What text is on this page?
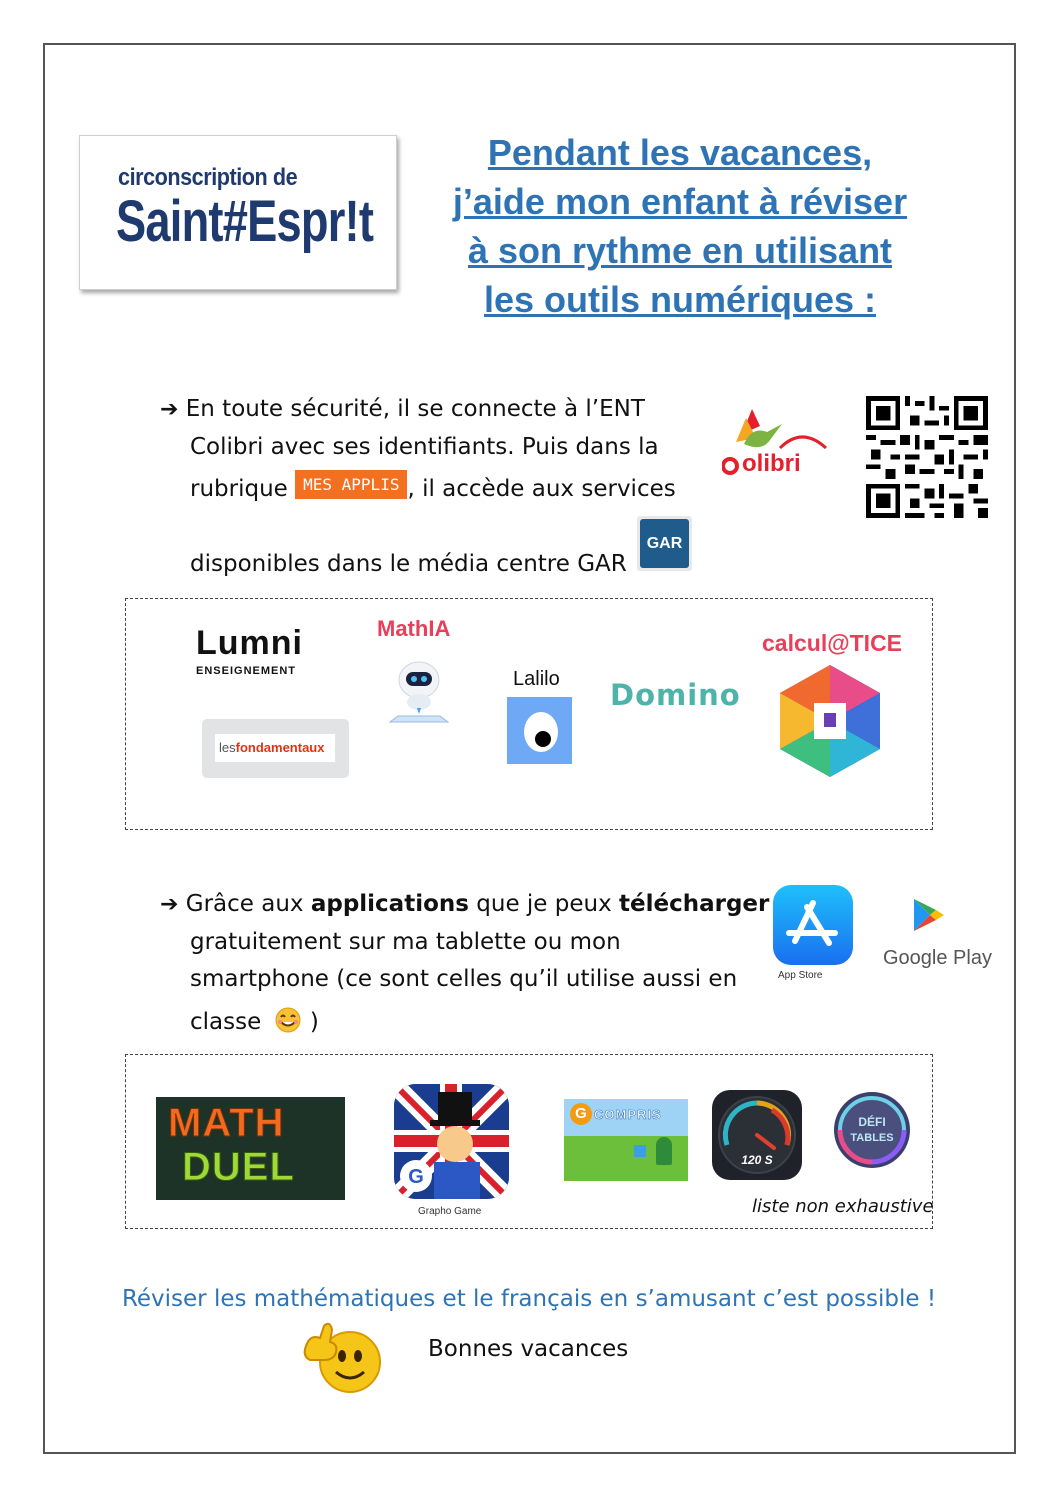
circonscription de
Saint#Espr!t
Pendant les vacances,
j’aide mon enfant à réviser
à son rythme en utilisant
les outils numériques :
➔ En toute sécurité, il se connecte à l’ENT
Colibri avec ses identifiants. Puis dans la
rubrique MES APPLIS , il accède aux services
disponibles dans le média centre GAR
GAR
olibri
Lumni
ENSEIGNEMENT
lesfondamentaux
MathIA
Lalilo Domino
calcul@TICE
➔ Grâce aux applications que je peux télécharger
gratuitement sur ma tablette ou mon
smartphone (ce sont celles qu’il utilise aussi en
classe )
App Store
Google Play
MATH
DUEL	G
Grapho Game
G COMPRIS
120 S
DÉFI
TABLES
liste non exhaustive
Réviser les mathématiques et le français en s’amusant c’est possible !
Bonnes vacances
